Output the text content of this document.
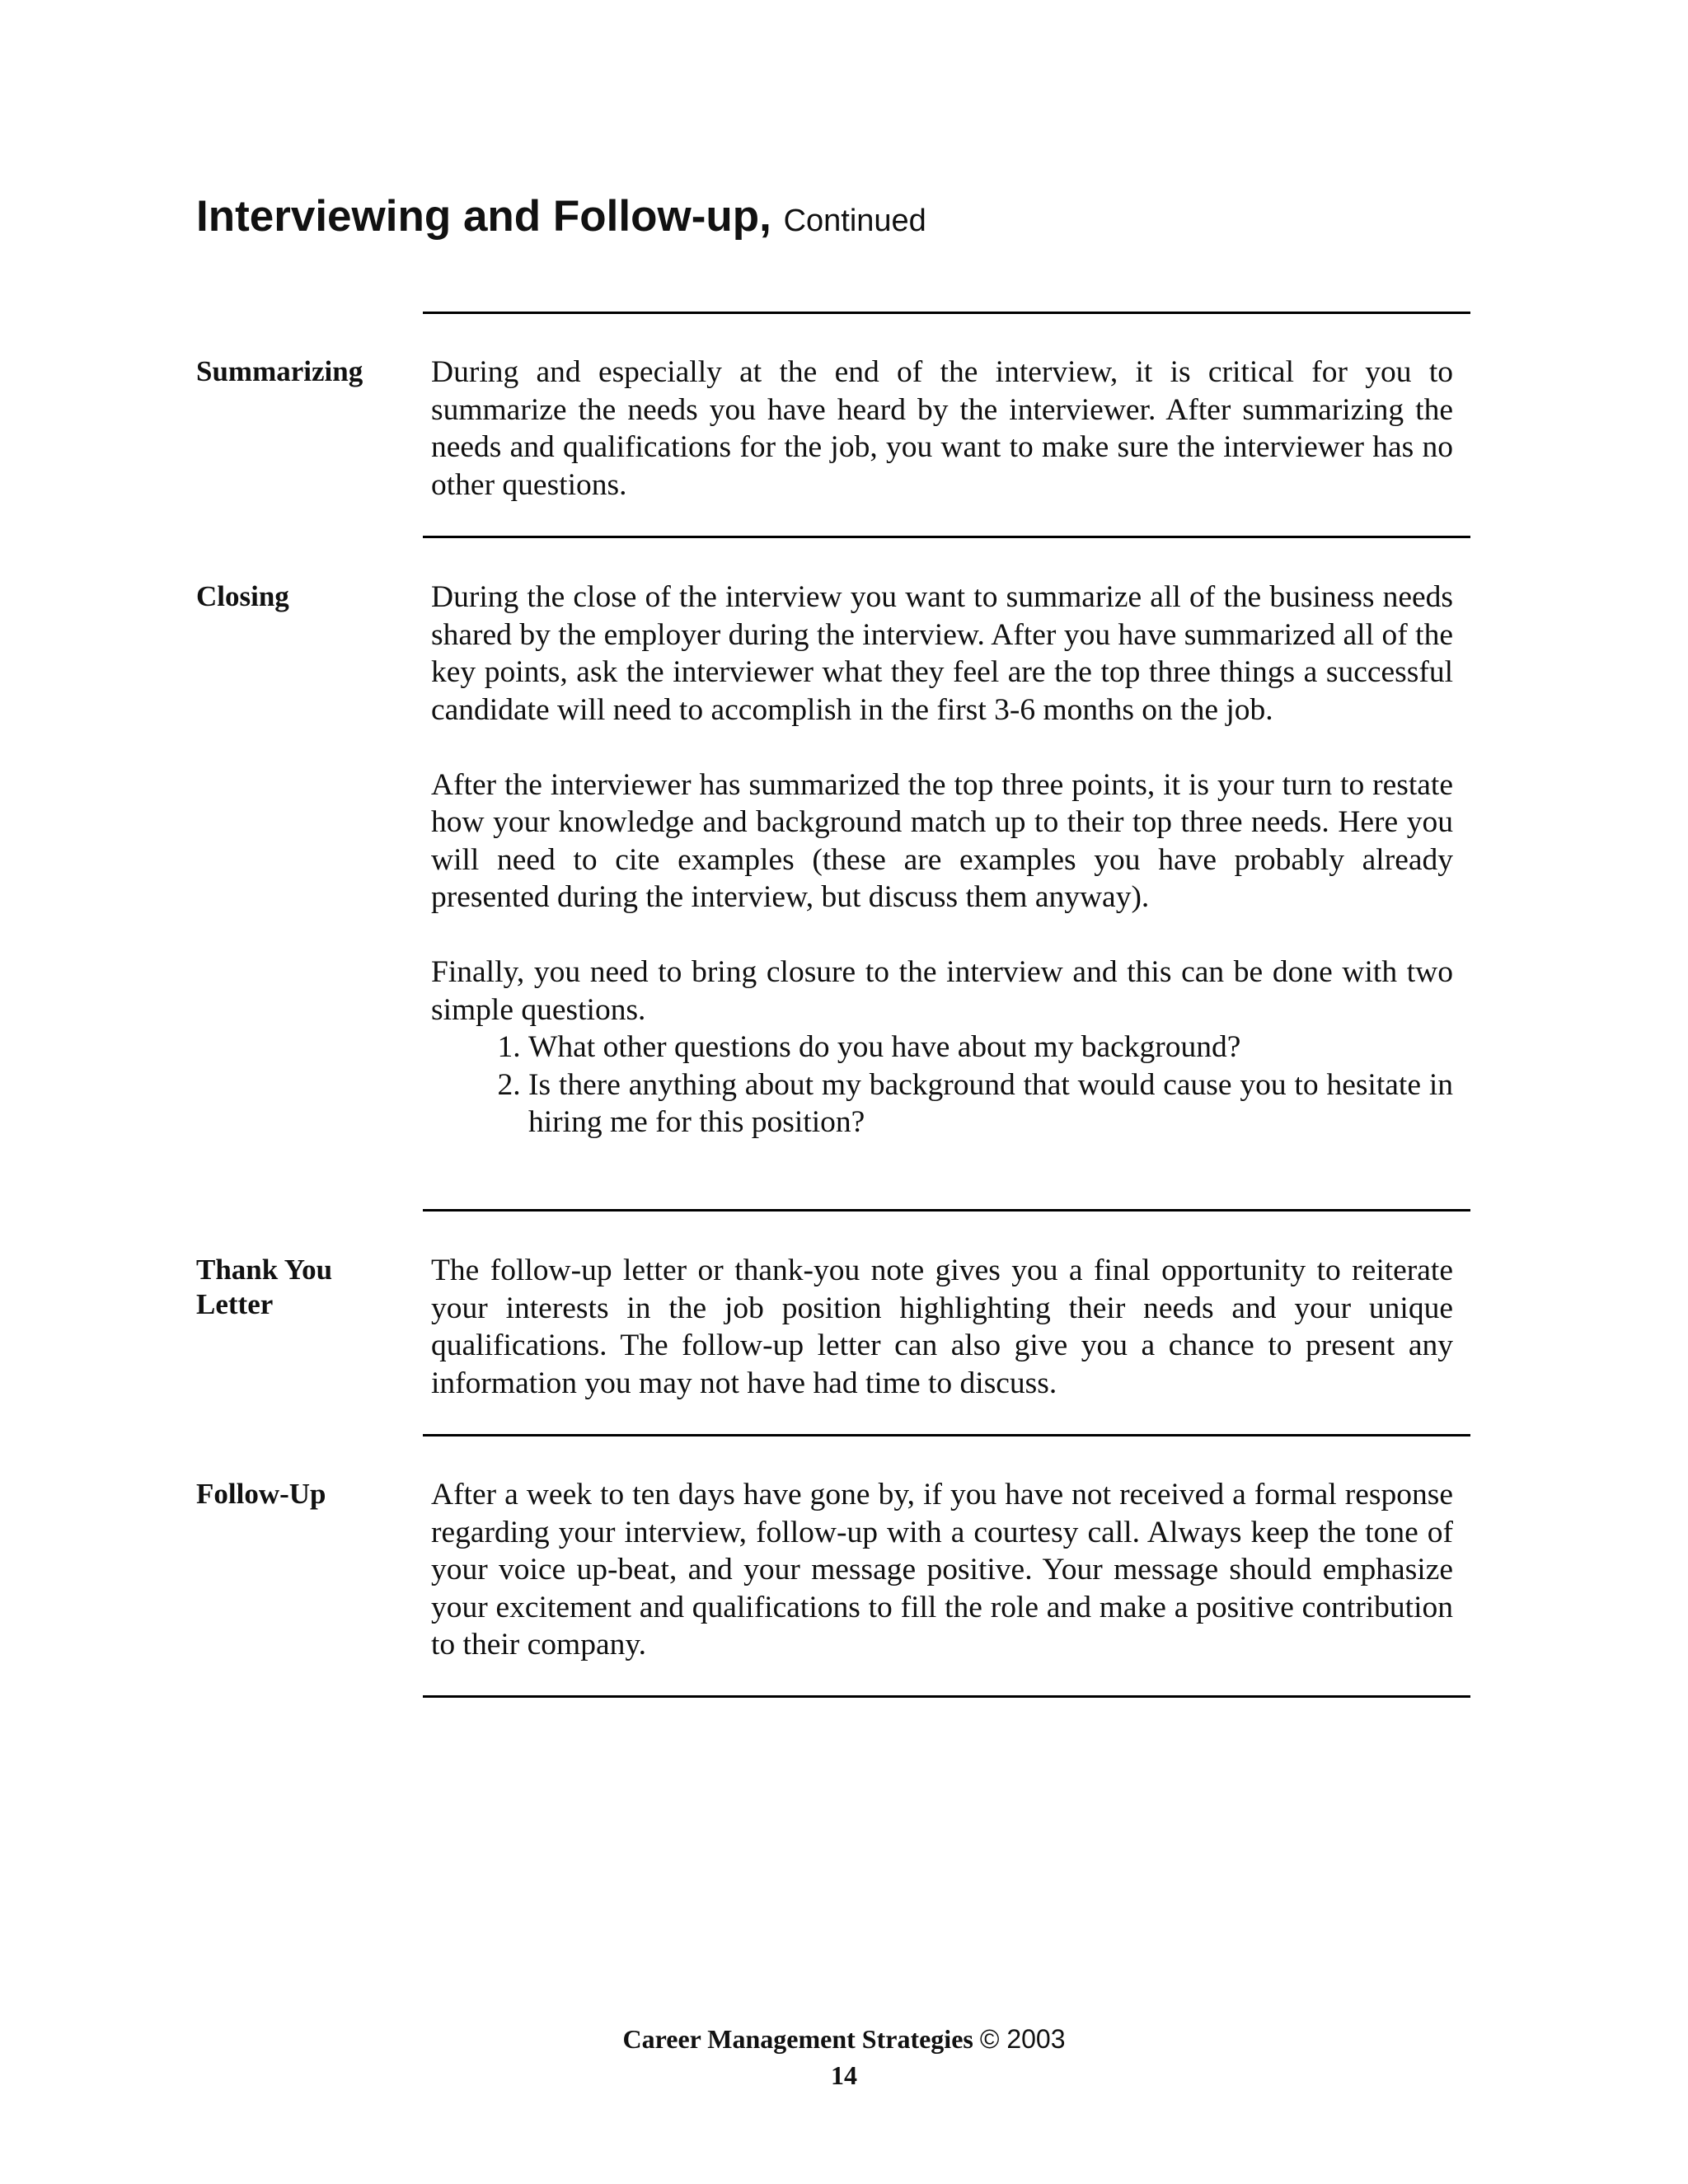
Interviewing and Follow-up, Continued
Summarizing During and especially at the end of the interview, it is critical for you to summarize the needs you have heard by the interviewer. After summarizing the needs and qualifications for the job, you want to make sure the interviewer has no other questions.

Closing	During the close of the interview you want to summarize all of the business needs shared by the employer during the interview. After you have summarized all of the key points, ask the interviewer what they feel are the top three things a successful candidate will need to accomplish in the first 3-6 months on the job.

After the interviewer has summarized the top three points, it is your turn to restate how your knowledge and background match up to their top three needs. Here you will need to cite examples (these are examples you have probably already presented during the interview, but discuss them anyway).

Finally, you need to bring closure to the interview and this can be done with two simple questions.

1. What other questions do you have about my background?
2. Is there anything about my background that would cause you to hesitate in hiring me for this position?
Thank You Letter

The follow-up letter or thank-you note gives you a final opportunity to reiterate your interests in the job position highlighting their needs and your unique qualifications. The follow-up letter can also give you a chance to present any information you may not have had time to discuss.

Follow-Up	After a week to ten days have gone by, if you have not received a formal response regarding your interview, follow-up with a courtesy call. Always keep the tone of your voice up-beat, and your message positive. Your message should emphasize your excitement and qualifications to fill the role and make a positive contribution to their company.

Career Management Strategies © 2003
14
